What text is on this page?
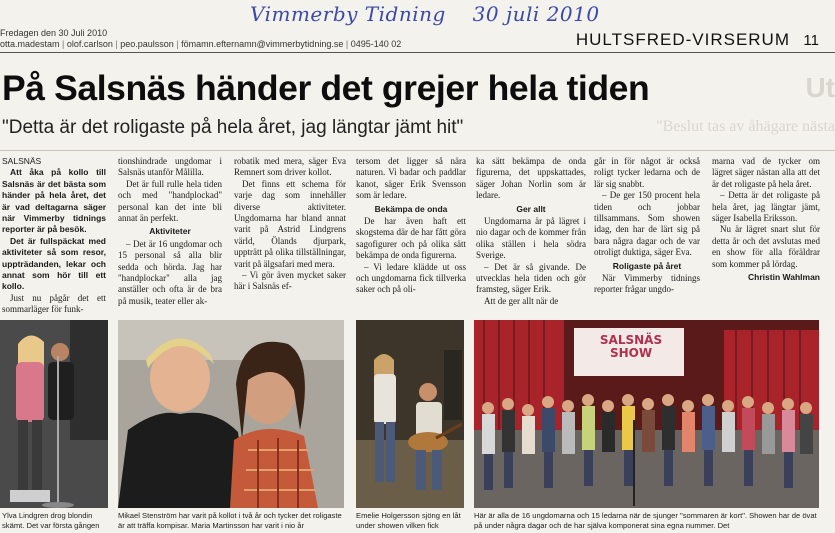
Vimmerby Tidning 30 juli 2010
Fredagen den 30 Juli 2010
otta.madestam | olof.carlson | peo.paulsson | fömamn.efternamn@vimmerbytidning.se | 0495-140 02	HULTSFRED-VIRSERUM 11
Ut
"Beslut tas av åhägare nästa
På Salsnäs händer det grejer hela tiden
"Detta är det roligaste på hela året, jag längtar jämt hit"

SALSNÄS

Att åka på kollo till Salsnäs är det bästa som händer på hela året, det är vad deltagarna säger när Vimmerby tidnings reporter är på besök.

Det är fullspäckat med aktiviteter så som resor, uppträdanden, lekar och annat som hör till ett kollo.

Just nu pågår det ett sommarläger för funk-

tionshindrade ungdomar i Salsnäs utanför Målilla.

Det är full rulle hela tiden och med "handplockad" personal kan det inte bli annat än perfekt.

Aktiviteter

– Det är 16 ungdomar och 15 personal så alla blir sedda och hörda. Jag har "handplockar" alla jag anställer och ofta är de bra på musik, teater eller ak-

robatik med mera, säger Eva Remnert som driver kollot.

Det finns ett schema för varje dag som innehåller diverse aktiviteter. Ungdomarna har bland annat varit på Astrid Lindgrens värld, Ölands djurpark, uppträtt på olika tillställningar, varit på älgsafari med mera.

– Vi gör även mycket saker här i Salsnäs ef-

tersom det ligger så nära naturen. Vi badar och paddlar kanot, säger Erik Svensson som är ledare.

Bekämpa de onda

De har även haft ett skogstema där de har fått göra sagofigurer och på olika sätt bekämpa de onda figurerna.

– Vi ledare klädde ut oss och ungdomarna fick tillverka saker och på oli-

ka sätt bekämpa de onda figurerna, det uppskattades, säger Johan Norlin som är ledare.

Ger allt

Ungdomarna är på lägret i nio dagar och de kommer från olika ställen i hela södra Sverige.

– Det är så givande. De utvecklas hela tiden och gör framsteg, säger Erik.

Att de ger allt när de

går in för något är också roligt tycker ledarna och de lär sig snabbt.

– De ger 150 procent hela tiden och jobbar tillsammans. Som showen idag, den har de lärt sig på bara några dagar och de var otroligt duktiga, säger Eva.

Roligaste på året

När Vimmerby tidnings reporter frågar ungdo-

marna vad de tycker om lägret säger nästan alla att det är det roligaste på hela året.

– Detta är det roligaste på hela året, jag längtar jämt, säger Isabella Eriksson.

Nu är lägret snart slut för detta år och det avslutas med en show för alla föräldrar som kommer på lördag.

Christin Wahlman

SALSNÄS SHOW
Ylva Lindgren drog blondin skämt. Det var första gången
Mikael Stenström har varit på kollot i två år och tycker det roligaste är att träffa kompisar. Maria Martinsson har varit i nio år
Emelie Holgersson sjöng en låt under showen vilken fick
Här är alla de 16 ungdomarna och 15 ledarna när de sjunger "sommaren är kort". Showen har de övat på under några dagar och de har själva komponerat sina egna nummer. Det
